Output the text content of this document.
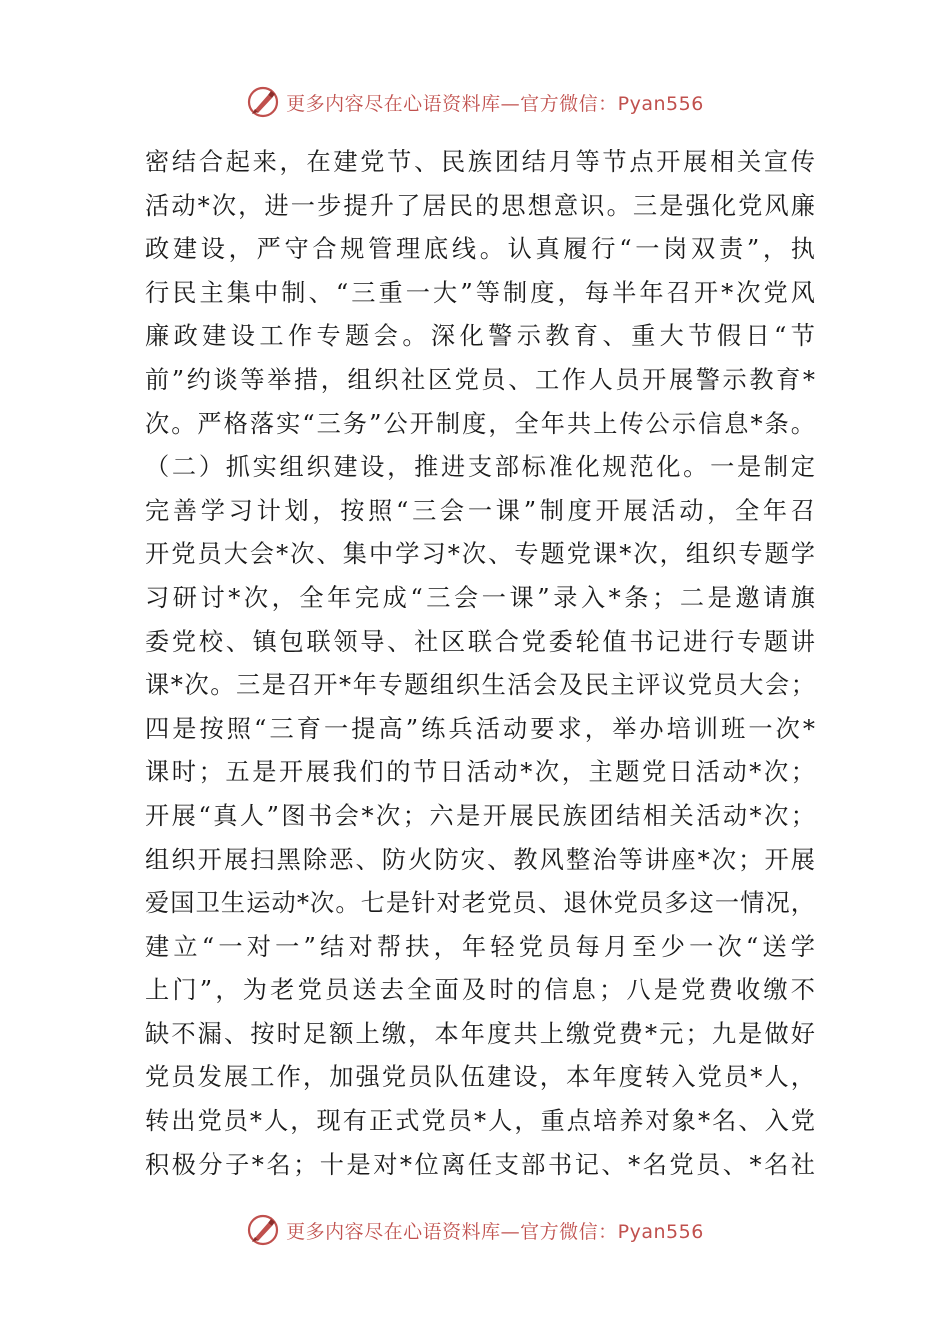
更多内容尽在心语资料库—官方微信：Pyan556
密结合起来，在建党节、民族团结月等节点开展相关宣传
活动*次，进一步提升了居民的思想意识。三是强化党风廉
政建设，严守合规管理底线。认真履行“一岗双责”，执
行民主集中制、“三重一大”等制度，每半年召开*次党风
廉政建设工作专题会。深化警示教育、重大节假日“节
前”约谈等举措，组织社区党员、工作人员开展警示教育*
次。严格落实“三务”公开制度，全年共上传公示信息*条。
（二）抓实组织建设，推进支部标准化规范化。一是制定
完善学习计划，按照“三会一课”制度开展活动，全年召
开党员大会*次、集中学习*次、专题党课*次，组织专题学
习研讨*次，全年完成“三会一课”录入*条；二是邀请旗
委党校、镇包联领导、社区联合党委轮值书记进行专题讲
课*次。三是召开*年专题组织生活会及民主评议党员大会；
四是按照“三育一提高”练兵活动要求，举办培训班一次*
课时；五是开展我们的节日活动*次，主题党日活动*次；
开展“真人”图书会*次；六是开展民族团结相关活动*次；
组织开展扫黑除恶、防火防灾、教风整治等讲座*次；开展
爱国卫生运动*次。七是针对老党员、退休党员多这一情况，
建立“一对一”结对帮扶，年轻党员每月至少一次“送学
上门”，为老党员送去全面及时的信息；八是党费收缴不
缺不漏、按时足额上缴，本年度共上缴党费*元；九是做好
党员发展工作，加强党员队伍建设，本年度转入党员*人，
转出党员*人，现有正式党员*人，重点培养对象*名、入党
积极分子*名；十是对*位离任支部书记、*名党员、*名社
更多内容尽在心语资料库—官方微信：Pyan556
